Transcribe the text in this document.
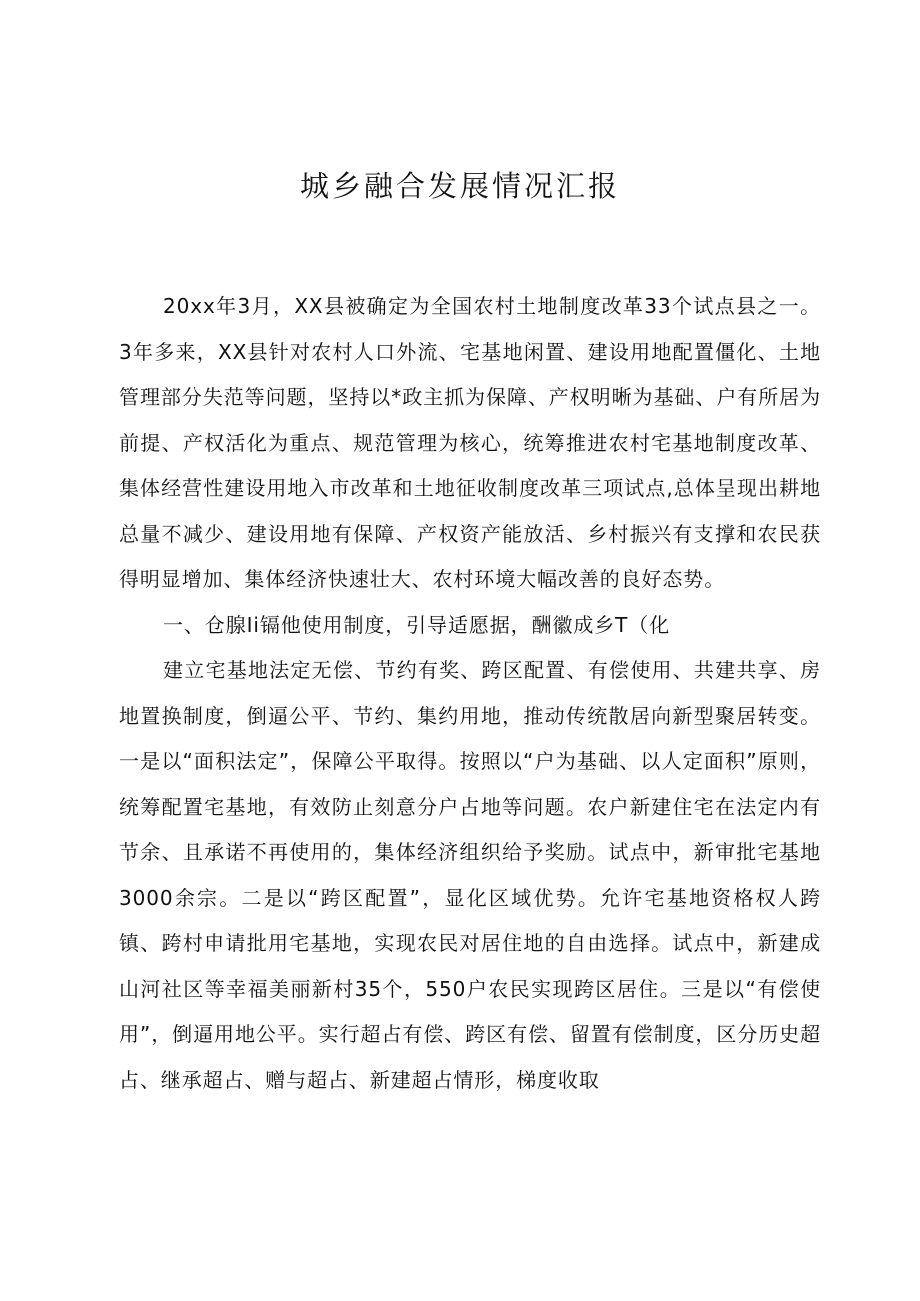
城乡融合发展情况汇报

20xx年3月，XX县被确定为全国农村土地制度改革33个试点县之一。3年多来，XX县针对农村人口外流、宅基地闲置、建设用地配置僵化、土地管理部分失范等问题，坚持以*政主抓为保障、产权明晰为基础、户有所居为前提、产权活化为重点、规范管理为核心，统筹推进农村宅基地制度改革、集体经营性建设用地入市改革和土地征收制度改革三项试点,总体呈现出耕地总量不减少、建设用地有保障、产权资产能放活、乡村振兴有支撑和农民获得明显增加、集体经济快速壮大、农村环境大幅改善的良好态势。

一、仓腺Ii镉他使用制度，引导适愿据，酬徽成乡T（化

建立宅基地法定无偿、节约有奖、跨区配置、有偿使用、共建共享、房地置换制度，倒逼公平、节约、集约用地，推动传统散居向新型聚居转变。一是以“面积法定”，保障公平取得。按照以“户为基础、以人定面积”原则，统筹配置宅基地，有效防止刻意分户占地等问题。农户新建住宅在法定内有节余、且承诺不再使用的，集体经济组织给予奖励。试点中，新审批宅基地3000余宗。二是以“跨区配置”，显化区域优势。允许宅基地资格权人跨镇、跨村申请批用宅基地，实现农民对居住地的自由选择。试点中，新建成山河社区等幸福美丽新村35个，550户农民实现跨区居住。三是以“有偿使用”，倒逼用地公平。实行超占有偿、跨区有偿、留置有偿制度，区分历史超占、继承超占、赠与超占、新建超占情形，梯度收取
